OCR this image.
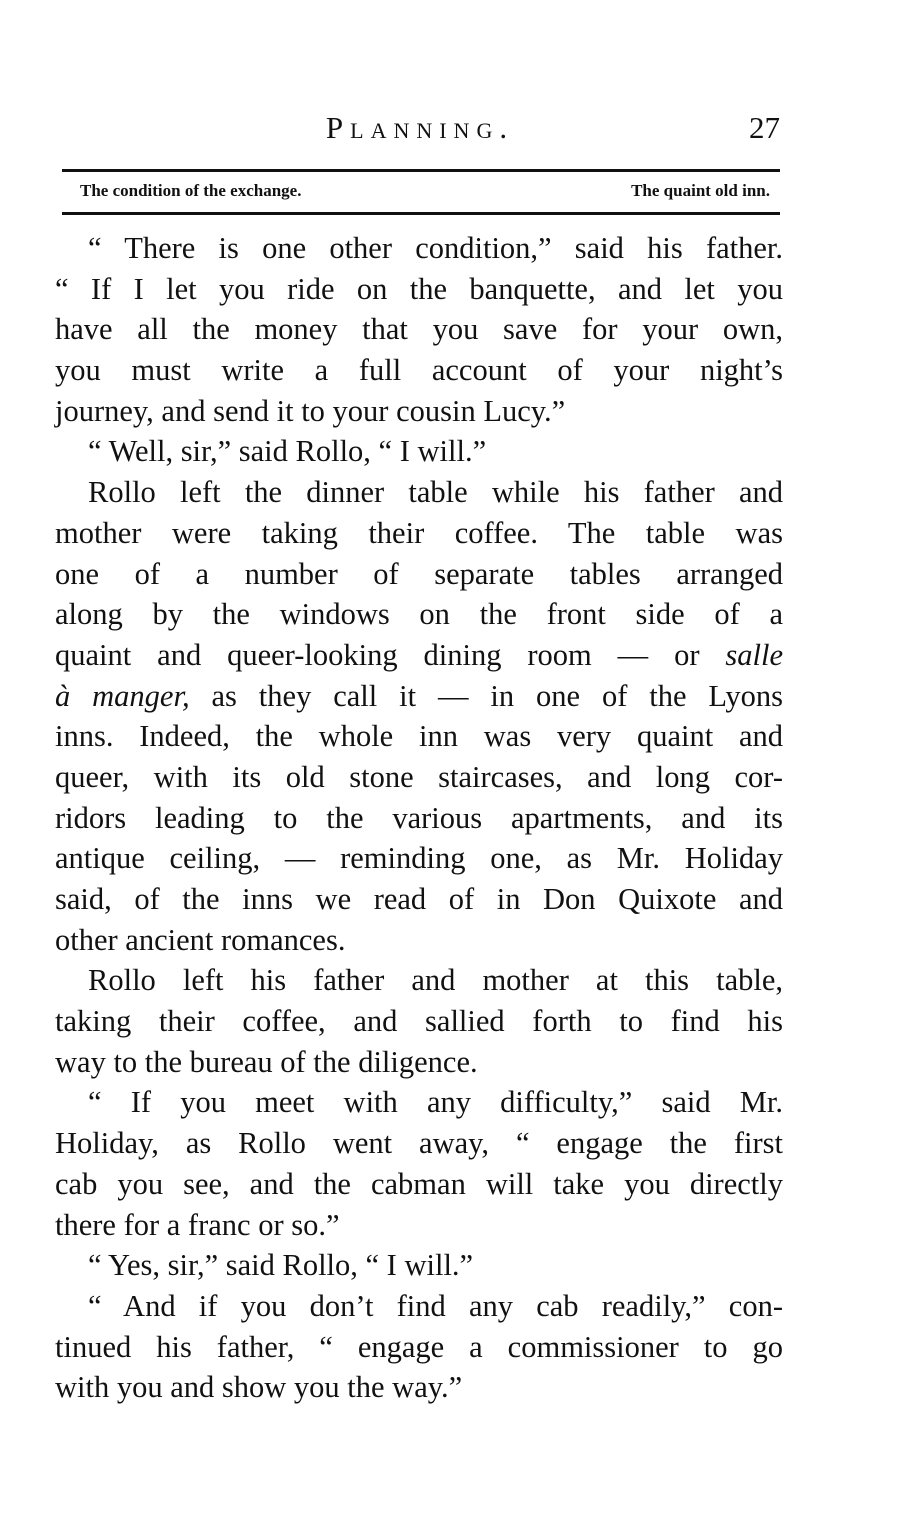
Planning.	27
The condition of the exchange.	The quaint old inn.
“ There is one other condition,” said his father.
“ If I let you ride on the banquette, and let you
have all the money that you save for your own,
you must write a full account of your night’s
journey, and send it to your cousin Lucy.”
“ Well, sir,” said Rollo, “ I will.”
Rollo left the dinner table while his father and
mother were taking their coffee. The table was
one of a number of separate tables arranged
along by the windows on the front side of a
quaint and queer-looking dining room — or salle
à manger, as they call it — in one of the Lyons
inns. Indeed, the whole inn was very quaint and
queer, with its old stone staircases, and long cor-
ridors leading to the various apartments, and its
antique ceiling, — reminding one, as Mr. Holiday
said, of the inns we read of in Don Quixote and
other ancient romances.
Rollo left his father and mother at this table,
taking their coffee, and sallied forth to find his
way to the bureau of the diligence.
“ If you meet with any difficulty,” said Mr.
Holiday, as Rollo went away, “ engage the first
cab you see, and the cabman will take you directly
there for a franc or so.”
“ Yes, sir,” said Rollo, “ I will.”
“ And if you don’t find any cab readily,” con-
tinued his father, “ engage a commissioner to go
with you and show you the way.”
